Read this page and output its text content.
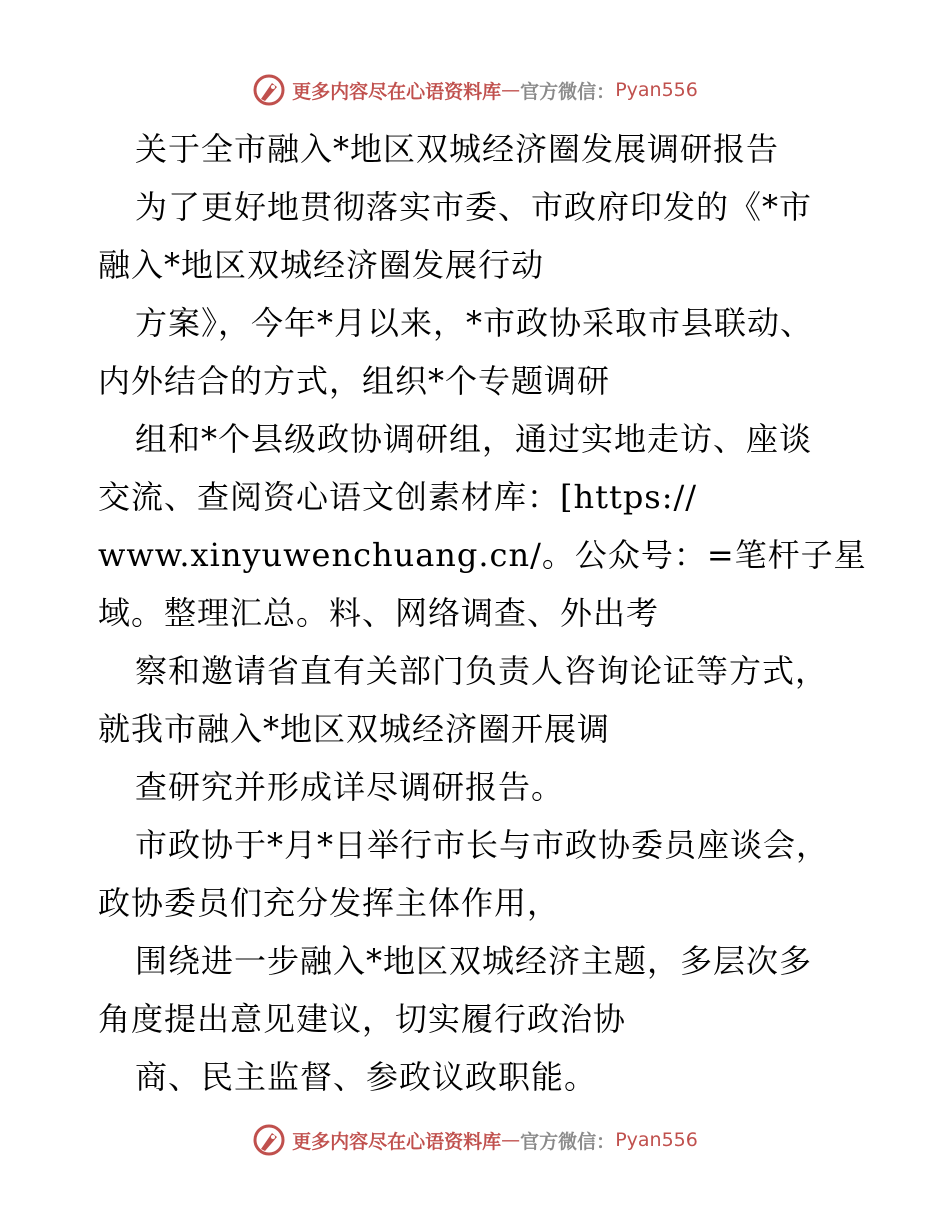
更多内容尽在心语资料库 — 官方微信： Pyan556
关于全市融入*地区双城经济圈发展调研报告
为了更好地贯彻落实市委、市政府印发的《*市
融入*地区双城经济圈发展行动
方案》，今年*月以来，*市政协采取市县联动、
内外结合的方式，组织*个专题调研
组和*个县级政协调研组，通过实地走访、座谈
交流、查阅资心语文创素材库：[https://
www.xinyuwenchuang.cn/。公众号：=笔杆子星
域。整理汇总。料、网络调查、外出考
察和邀请省直有关部门负责人咨询论证等方式，
就我市融入*地区双城经济圈开展调
查研究并形成详尽调研报告。
市政协于*月*日举行市长与市政协委员座谈会，
政协委员们充分发挥主体作用，
围绕进一步融入*地区双城经济主题，多层次多
角度提出意见建议，切实履行政治协
商、民主监督、参政议政职能。
更多内容尽在心语资料库 — 官方微信： Pyan556
